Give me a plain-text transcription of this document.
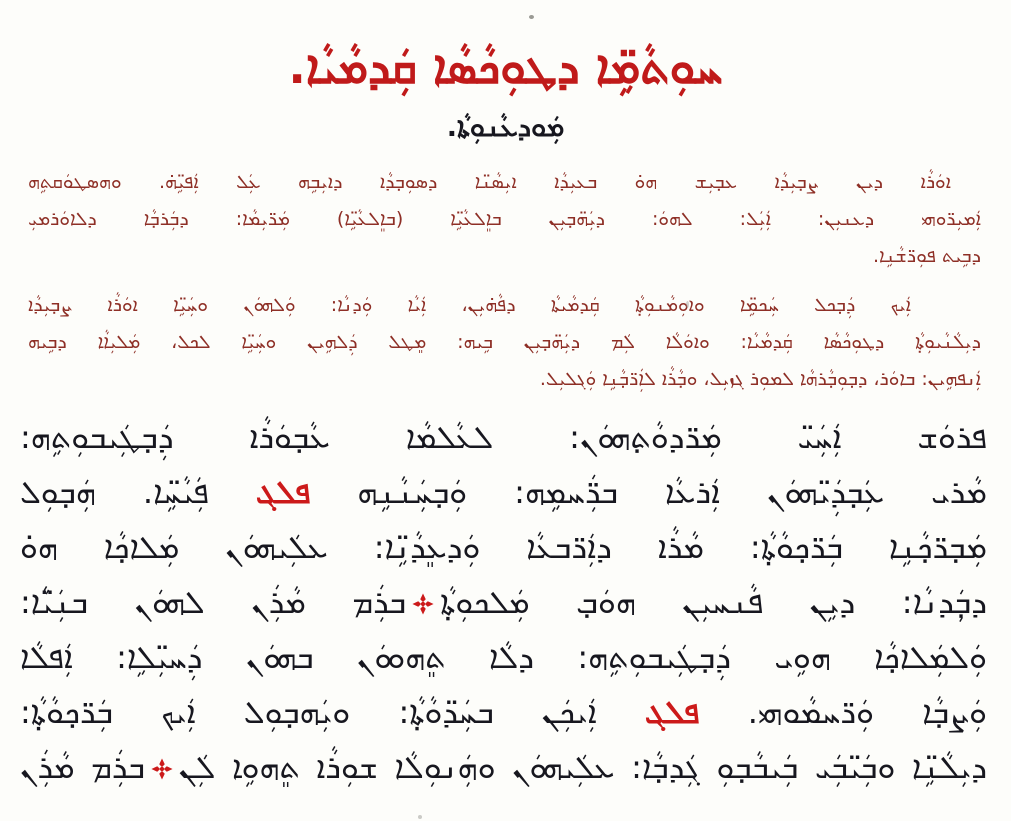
ܚܘܼܬܵܡܹ̈ܐ ܕܛܘܼܟܵܣܵܐ ܩܲܕܡܵܝܵܐ.
ܡܲܘܕܥܵܢܘܼܬܵܐ.
ܐܘܿܪܵܐ ܕܝܢ ܨܒ̣ܝܼܕܵܐ ܥܒ̣ܝܼܫ ܗܘ̇ ܒܥܝܼܕܵܐ ܐܝܼܣܵܢ̈ܐ ܕܣܘܼܒ̣ܕܵܐ ܕܐܝܼܒܹܗ ܥܲܠ ܐܲܦܝܹ̈ܗ̇. ܘܗܣܛܘܿܩܬܹܗ
ܐܲܡܝܼܪ̈ܘܗܝ ܕܥܢܝܼܢ: ܐܲܝܲܠ: ܠܗܘܿ: ܕܝܲܗ̈ܒ̣ܝܼܢ ܒܐܸܠܥܵܝܹ̈ܐ (ܒܐܸܠܥܵܝܹ̈ܐ) ܡܲܪ̈ܝܼܡܵܐ: ܕܒܲܪܒ̣ܵܐ ܕܠܐܘܿܪܡܝܼ
ܕܒܹܝܬ ܦܘܼܪ̈ܫܵܢܹܐ.
ܐܲܝܟ ܕܲܒ̣ܟܠ ܚܲܟܡܹ̈ܐ ܘܐܘܼܡܵܢܘܼܬ̣ܵܐ ܩܲܕܡܵܝܬܵܐ ܕܦܵܗ̇ܝܼܢ، ܐܲܝܵܐ ܘܲܕܢܵܐ: ܘܲܠܗܘܿܢ ܘܚܲܝܹ̈ܐ ܐܘܿܪܵܐ ܨܒ̣ܝܼܕܵܐ
ܕܝܼܠܵܢܵܝܘܼܬ̣ܵܐ ܕܛܘܼܟܵܣܵܐ ܩܲܕܡܵܝܵܐ: ܘܐܘܿܠܵܐ ܠܲܡ ܕܝܲܗ̈ܒ̣ܝܼܢ ܒܹܝܗ: ܡܸܛܠ ܕܲܠܗܹܝܢ ܘܚܲܝܹ̈ܐ ܠܟܠ، ܡܲܠܝܼܐܵܐ ܕܒܹܝܗ
ܐܲܢܦܗܹܝܢ: ܒܐܘܿܪ، ܕܒ̣ܘܼܒ̣ܵܪܗܵܐ ܠܡܘܼܪ ܓܙܝܼܠ، ܘܒ̣ܵܪܵܐ ܠܐܲܪ̈ܒ̣ܵܢܹܐ ܘܲܓܠܝܼܠ.
ܦܪܘܿܫ ܐܲܚܲܝ̈ ܡܲܪ̈ܕܘܵܬ̣ܗܘܿܢ: ܠܥܵܠܡܵܐ ܥܵܒ̣ܘܿܪܵܐ ܕܲܒ̣ܛܲܝܒܘܼܬܹܗ:
ܡܵܪܝ ܥܲܒ̣ܕܲܝ̈ܗܘܿܢ ܐܲܪܥܵܐ ܒܪ̈ܲܚܡܹܗ: ܘܲܒ̣ܚܲܢܵܢܹܗ ܦܠܓ ܦܲܝܵܚܹ̈ܐ. ܗܲܒ̣ܘܼܠ
ܡܲܒ̣ܪ̈ܟ̣ܵܢܹܐ ܒܲܪ̈ܟ̣ܘܵܬ̣ܵܐ: ܡܵܪܵܐ ܕܐܲܪ̈ܒܥܵܐ ܘܲܕܥܸܕܵܢܹ̈ܐ: ܥܠܲܝܗܘܿܢ ܡܲܠܐܟ̣ܵܐ ܗܘ̇
ܕܒ̣ܲܕܢܵܐ: ܕܝܹܢ ܦܵܢܚܝܼܢ ܗܘܿܒ̣ ܡܲܠܟܘܼܬ̣ܵܐܒܪܲܡ ܡܵܪܲܢ ܠܗܘܿܢ ܒܢܲܝ̈ܵܐ:
ܘܲܠܡܲܠܐܟ̣ܵܐ ܗܘܹܝ ܕܲܒ̣ܛܲܝܒܘܼܬܹܗ: ܕܠܵܐ ܬܸܗܘܘܿܢ ܒܗܘܿܢ ܕܲܚܝܼ̈ܠܹܐ: ܐܲܦܠܵܐ
ܘܲܨܒ̣ܵܐ ܘܲܪ̈ܚܡܵܘܗܝ. ܦܠܓ ܐܲܝܟܲܢ ܒܚܲܕ̈ܘܵܬ̣ܵܐ: ܘܝܲܗܒ̣ܘܼܠ ܐܲܝܟ ܒܲܪ̈ܟ̣ܘܵܬ̣ܵܐ:
ܕܝܼܠܵܢܹ̈ܐ ܘܒܲܝ̈ܒܲܝ ܒܲܝܒܵܒ̣ܘܼ ܓܲܕܒ̣ܵܐ: ܥܠܲܝܗܘܿܢ ܘܗܲܢܘܼܠܵܐ ܫܘܼܪܵܐ ܬܸܗܘܹܐ ܠܲܢܒܪܲܡ ܡܵܪܲܢ
